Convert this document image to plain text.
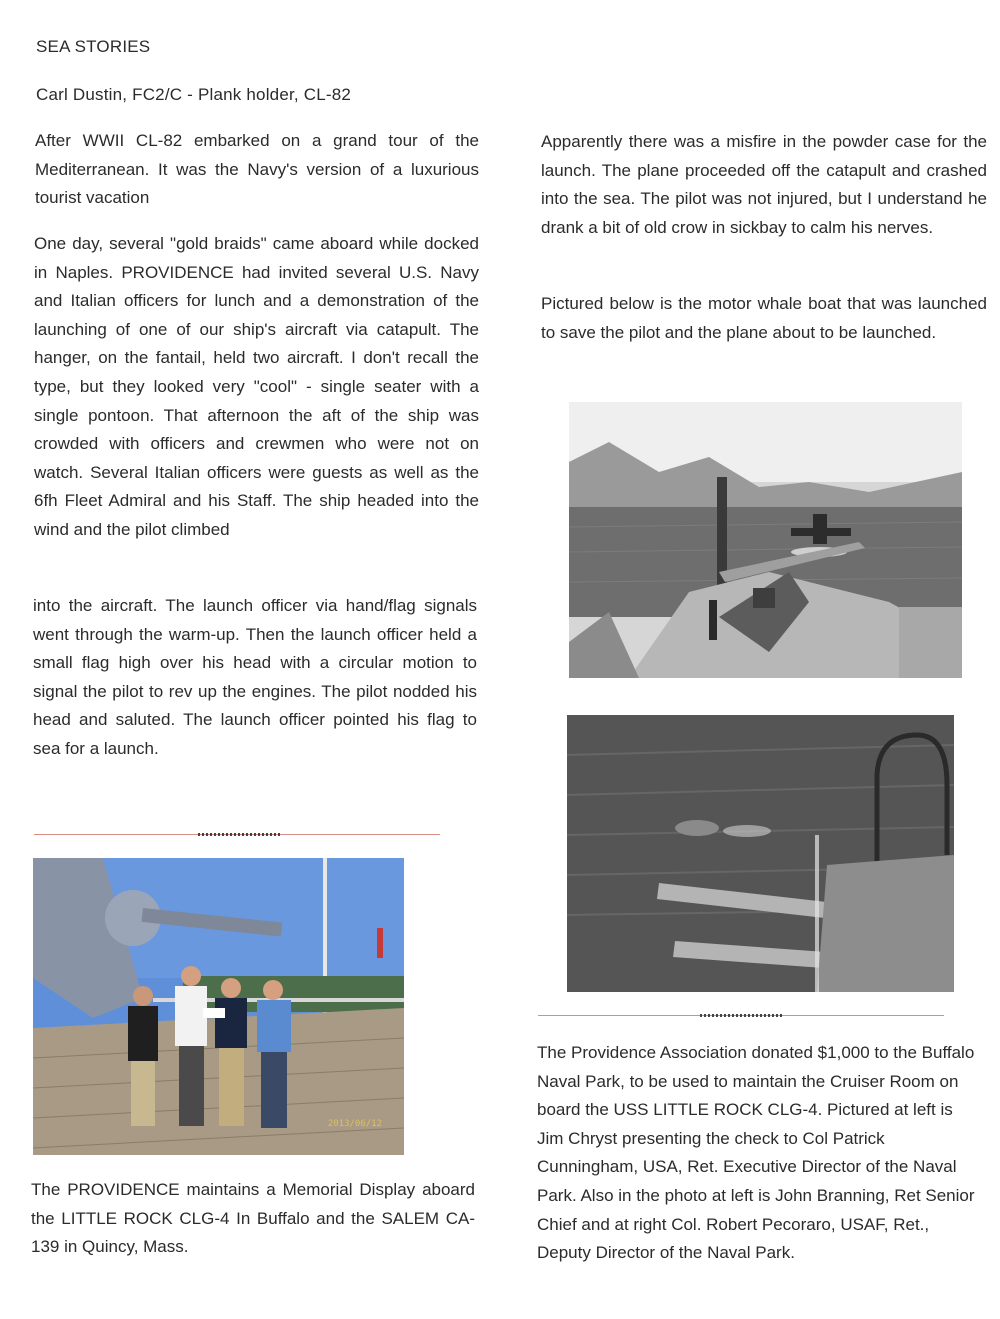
SEA STORIES
Carl Dustin, FC2/C - Plank holder, CL-82
After WWII CL-82 embarked on a grand tour of the Mediterranean. It was the Navy's version of a luxurious tourist vacation
One day, several "gold braids" came aboard while docked in Naples. PROVIDENCE had invited several U.S. Navy and Italian officers for lunch and a demonstration of the launching of one of our ship's aircraft via catapult. The hanger, on the fantail, held two aircraft. I don't recall the type, but they looked very "cool" - single seater with a single pontoon. That afternoon the aft of the ship was crowded with officers and crewmen who were not on watch. Several Italian officers were guests as well as the 6fh Fleet Admiral and his Staff. The ship headed into the wind and the pilot climbed
into the aircraft. The launch officer via hand/flag signals went through the warm-up. Then the launch officer held a small flag high over his head with a circular motion to signal the pilot to rev up the engines. The pilot nodded his head and saluted. The launch officer pointed his flag to sea for a launch.
2013/06/12
The PROVIDENCE maintains a Memorial Display aboard the LITTLE ROCK CLG-4 In Buffalo and the SALEM CA-139 in Quincy, Mass.
Apparently there was a misfire in the powder case for the launch. The plane proceeded off the catapult and crashed into the sea. The pilot was not injured, but I understand he drank a bit of old crow in sickbay to calm his nerves.
Pictured below is the motor whale boat that was launched to save the pilot and the plane about to be launched.
The Providence Association donated $1,000 to the Buffalo Naval Park, to be used to maintain the Cruiser Room on board the USS LITTLE ROCK CLG-4. Pictured at left is Jim Chryst presenting the check to Col Patrick Cunningham, USA, Ret. Executive Director of the Naval Park. Also in the photo at left is John Branning, Ret Senior Chief and at right Col. Robert Pecoraro, USAF, Ret., Deputy Director of the Naval Park.
